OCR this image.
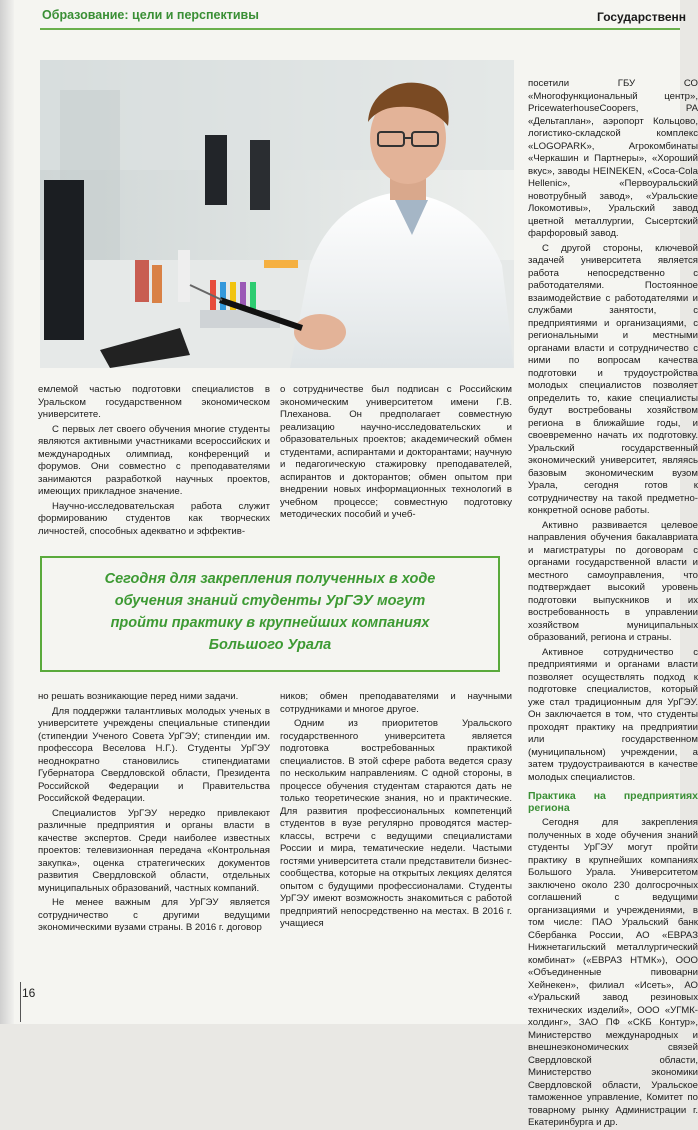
Образование: цели и перспективы	Государственн

емлемой частью подготовки специалистов в Уральском государственном экономическом университете.

С первых лет своего обучения многие студенты являются активными участниками всероссийских и международных олимпиад, конференций и форумов. Они совместно с преподавателями занимаются разработкой научных проектов, имеющих прикладное значение.

Научно-исследовательская работа служит формированию студентов как творческих личностей, способных адекватно и эффектив-

о сотрудничестве был подписан с Российским экономическим университетом имени Г.В. Плеханова. Он предполагает совместную реализацию научно-исследовательских и образовательных проектов; академический обмен студентами, аспирантами и докторантами; научную и педагогическую стажировку преподавателей, аспирантов и докторантов; обмен опытом при внедрении новых информационных технологий в учебном процессе; совместную подготовку методических пособий и учеб-

Сегодня для закрепления полученных в ходе обучения знаний студенты УрГЭУ могут пройти практику в крупнейших компаниях Большого Урала

но решать возникающие перед ними задачи.

Для поддержки талантливых молодых ученых в университете учреждены специальные стипендии (стипендии Ученого Совета УрГЭУ; стипендии им. профессора Веселова Н.Г.). Студенты УрГЭУ неоднократно становились стипендиатами Губернатора Свердловской области, Президента Российской Федерации и Правительства Российской Федерации.

Специалистов УрГЭУ нередко привлекают различные предприятия и органы власти в качестве экспертов. Среди наиболее известных проектов: телевизионная передача «Контрольная закупка», оценка стратегических документов развития Свердловской области, отдельных муниципальных образований, частных компаний.

Не менее важным для УрГЭУ является сотрудничество с другими ведущими экономическими вузами страны. В 2016 г. договор

ников; обмен преподавателями и научными сотрудниками и многое другое.

Одним из приоритетов Уральского государственного университета является подготовка востребованных практикой специалистов. В этой сфере работа ведется сразу по нескольким направлениям. С одной стороны, в процессе обучения студентам стараются дать не только теоретические знания, но и практические. Для развития профессиональных компетенций студентов в вузе регулярно проводятся мастер-классы, встречи с ведущими специалистами России и мира, тематические недели. Частыми гостями университета стали представители бизнес-сообщества, которые на открытых лекциях делятся опытом с будущими профессионалами. Студенты УрГЭУ имеют возможность знакомиться с работой предприятий непосредственно на местах. В 2016 г. учащиеся

посетили ГБУ СО «Многофункциональный центр», PricewaterhouseCoopers, РА «Дельтаплан», аэропорт Кольцово, логистико-складской комплекс «LOGOPARK», Агрокомбинаты «Черкашин и Партнеры», «Хороший вкус», заводы HEINEKEN, «Coca-Cola Hellenic», «Первоуральский новотрубный завод», «Уральские Локомотивы», Уральский завод цветной металлургии, Сысертский фарфоровый завод.

С другой стороны, ключевой задачей университета является работа непосредственно с работодателями. Постоянное взаимодействие с работодателями и службами занятости, с предприятиями и организациями, с региональными и местными органами власти и сотрудничество с ними по вопросам качества подготовки и трудоустройства молодых специалистов позволяет определить то, какие специалисты будут востребованы хозяйством региона в ближайшие годы, и своевременно начать их подготовку. Уральский государственный экономический университет, являясь базовым экономическим вузом Урала, сегодня готов к сотрудничеству на такой предметно-конкретной основе работы.

Активно развивается целевое направления обучения бакалавриата и магистратуры по договорам с органами государственной власти и местного самоуправления, что подтверждает высокий уровень подготовки выпускников и их востребованность в управлении хозяйством муниципальных образований, региона и страны.

Активное сотрудничество с предприятиями и органами власти позволяет осуществлять подход к подготовке специалистов, который уже стал традиционным для УрГЭУ. Он заключается в том, что студенты проходят практику на предприятии или государственном (муниципальном) учреждении, а затем трудоустраиваются в качестве молодых специалистов.

Практика на предприятиях региона

Сегодня для закрепления полученных в ходе обучения знаний студенты УрГЭУ могут пройти практику в крупнейших компаниях Большого Урала. Университетом заключено около 230 долгосрочных соглашений с ведущими организациями и учреждениями, в том числе: ПАО Уральский банк Сбербанка России, АО «ЕВРАЗ Нижнетагильский металлургический комбинат» («ЕВРАЗ НТМК»), ООО «Объединенные пивоварни Хейнекен», филиал «Исеть», АО «Уральский завод резиновых технических изделий», ООО «УГМК-холдинг», ЗАО ПФ «СКБ Контур», Министерство международных и внешнеэкономических связей Свердловской области, Министерство экономики Свердловской области, Уральское таможенное управление, Комитет по товарному рынку Администрации г. Екатеринбурга и др.

16
